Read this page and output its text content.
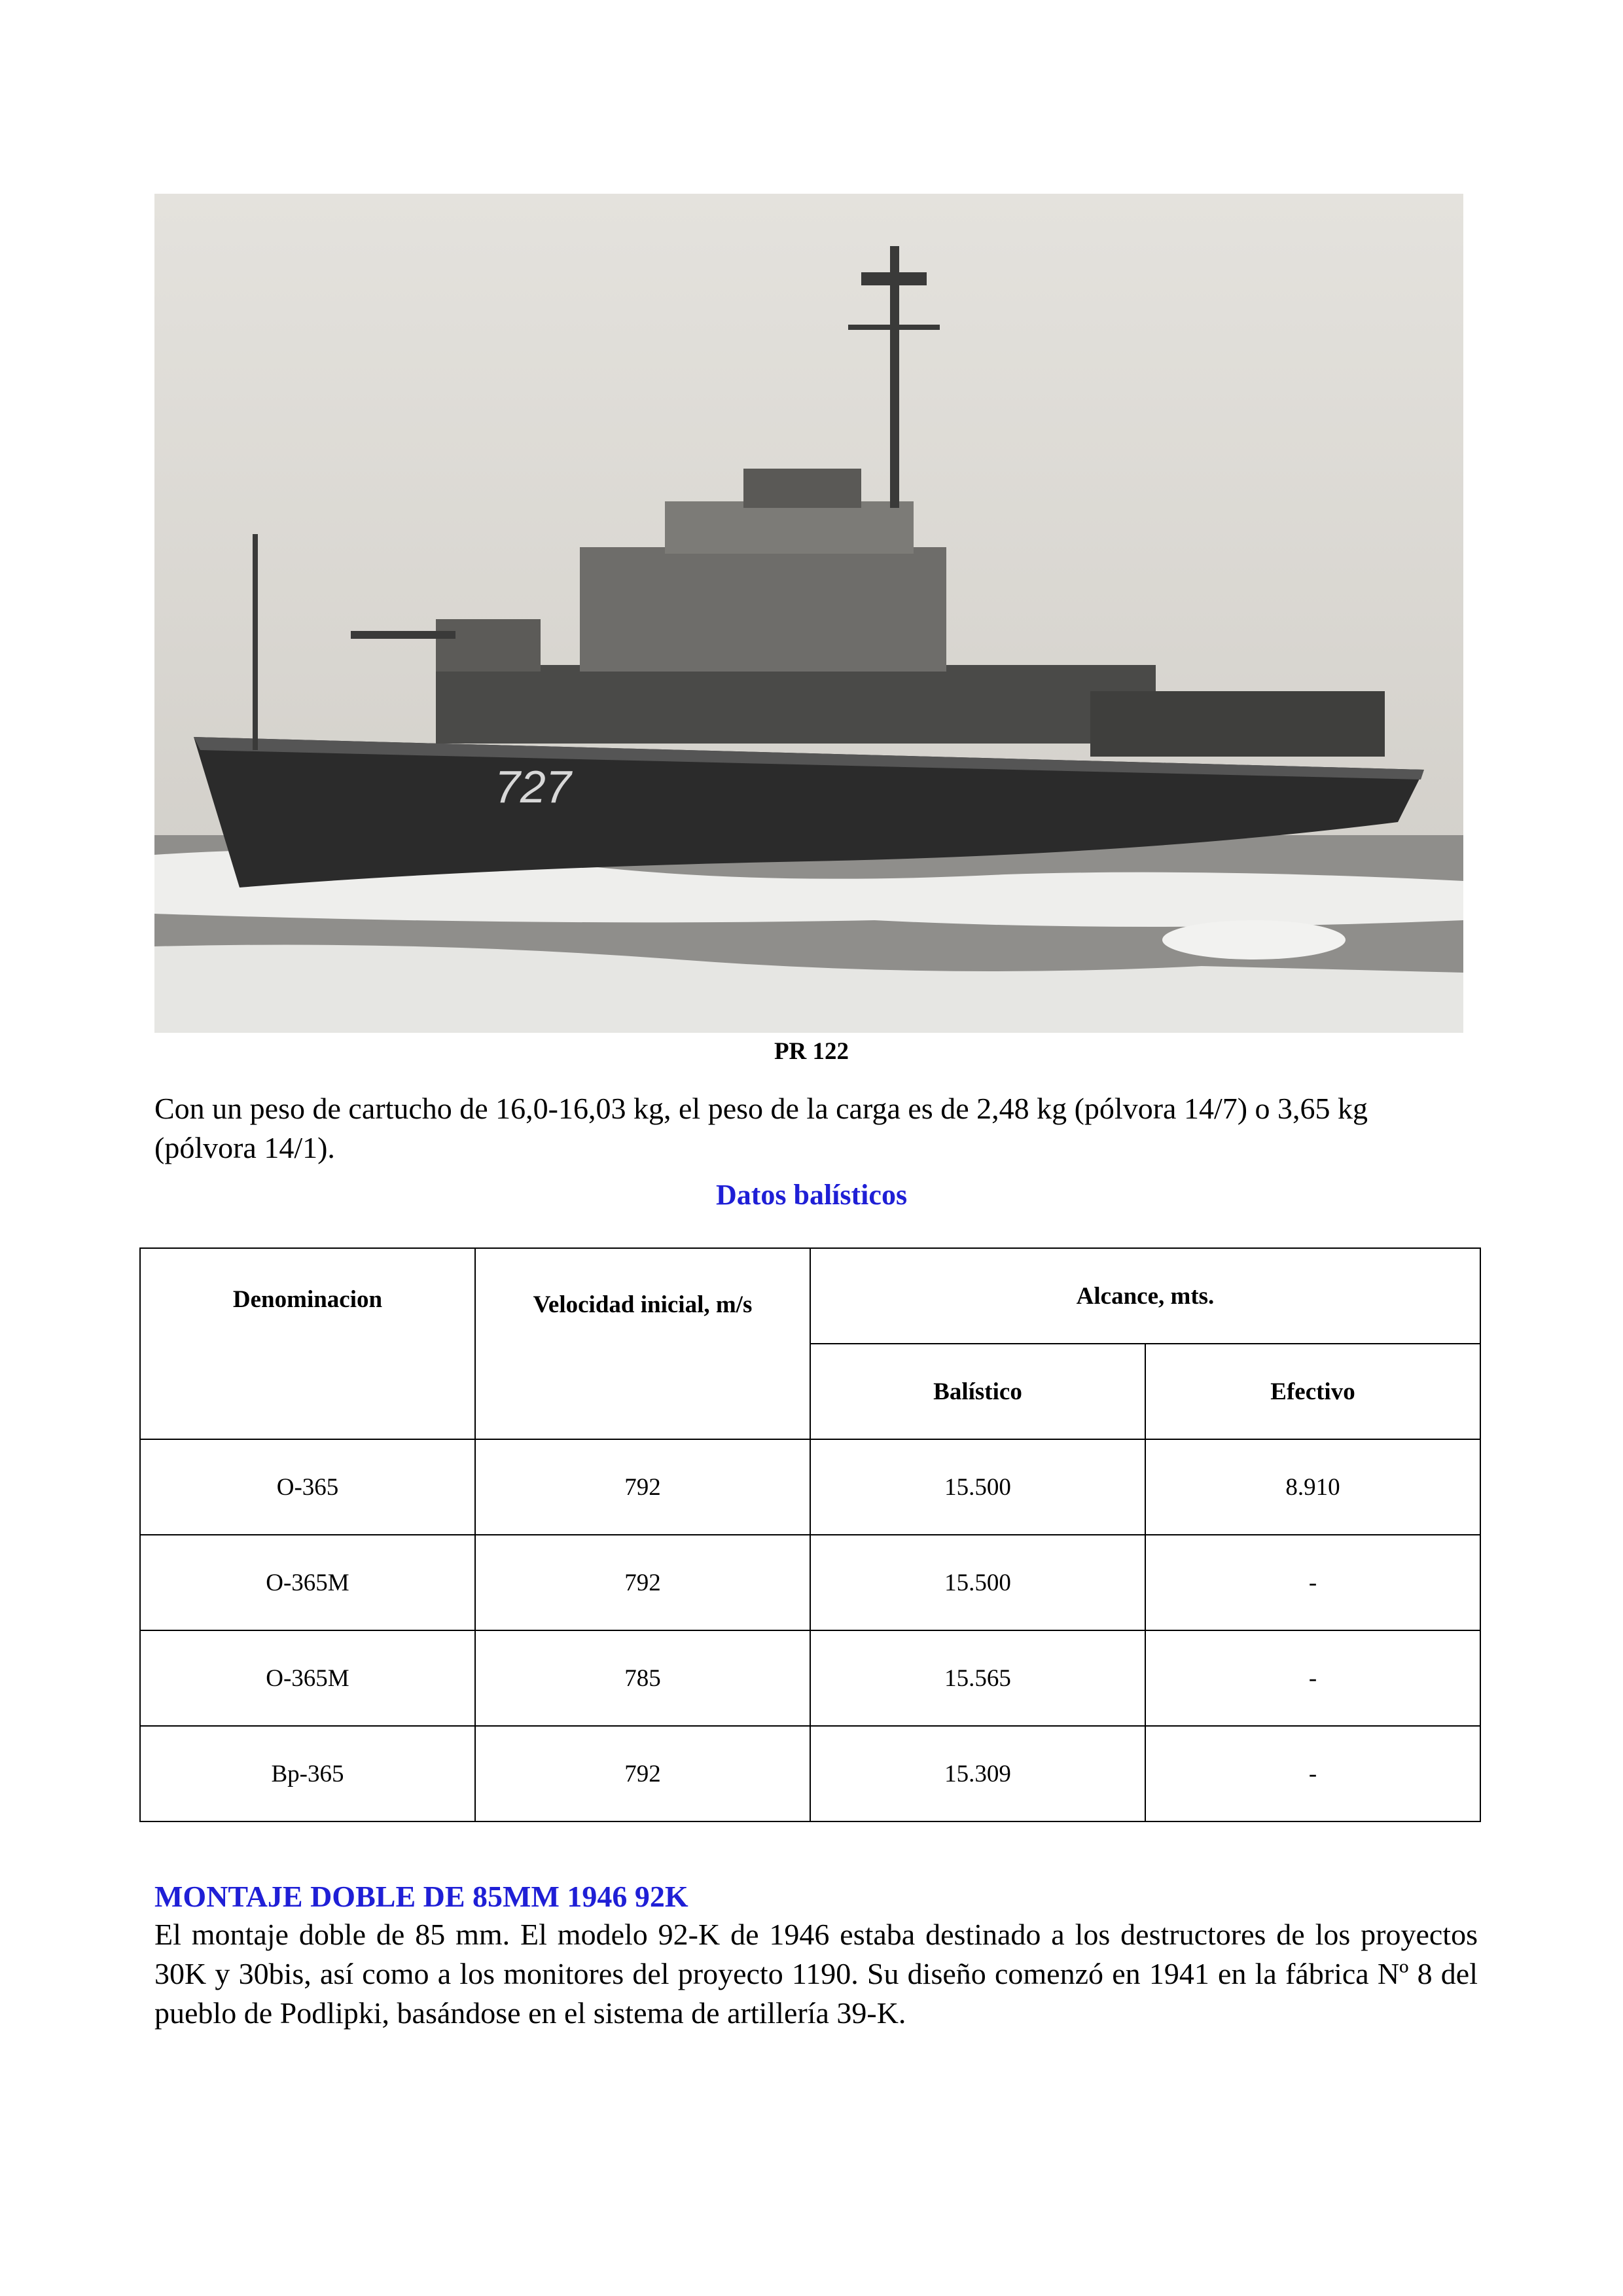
727
PR 122

Con un peso de cartucho de 16,0-16,03 kg, el peso de la carga es de 2,48 kg (pólvora 14/7) o 3,65 kg (pólvora 14/1).

Datos balísticos
Denominacion	Velocidad inicial, m/s	Alcance, mts.	
		Balístico	Efectivo
O-365	792	15.500	8.910
O-365M	792	15.500	-
O-365M	785	15.565	-
Bp-365	792	15.309	-
MONTAJE DOBLE DE 85MM 1946 92K

El montaje doble de 85 mm. El modelo 92-K de 1946 estaba destinado a los destructores de los proyectos 30K y 30bis, así como a los monitores del proyecto 1190. Su diseño comenzó en 1941 en la fábrica Nº 8 del pueblo de Podlipki, basándose en el sistema de artillería 39-K.
